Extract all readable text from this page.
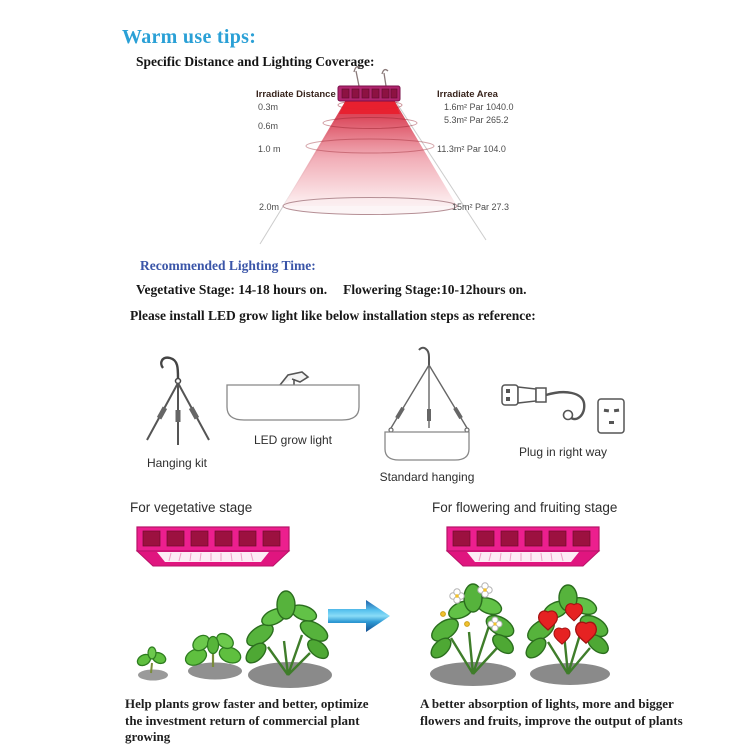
Warm use tips:
Specific Distance and Lighting Coverage:
Irradiate Distance
0.3m
0.6m
1.0 m
2.0m
Irradiate Area
1.6m² Par 1040.0
5.3m² Par 265.2
11.3m² Par 104.0
15m² Par 27.3
Recommended Lighting Time:
Vegetative Stage: 14-18 hours on. Flowering Stage:10-12hours on.
Please install LED grow light like below installation steps as reference:
Hanging kit
LED grow light
Standard hanging
Plug in right way
For vegetative stage	For flowering and fruiting stage
Help plants grow faster and better, optimize the investment return of commercial plant growing
A better absorption of lights, more and bigger flowers and fruits, improve the output of plants
